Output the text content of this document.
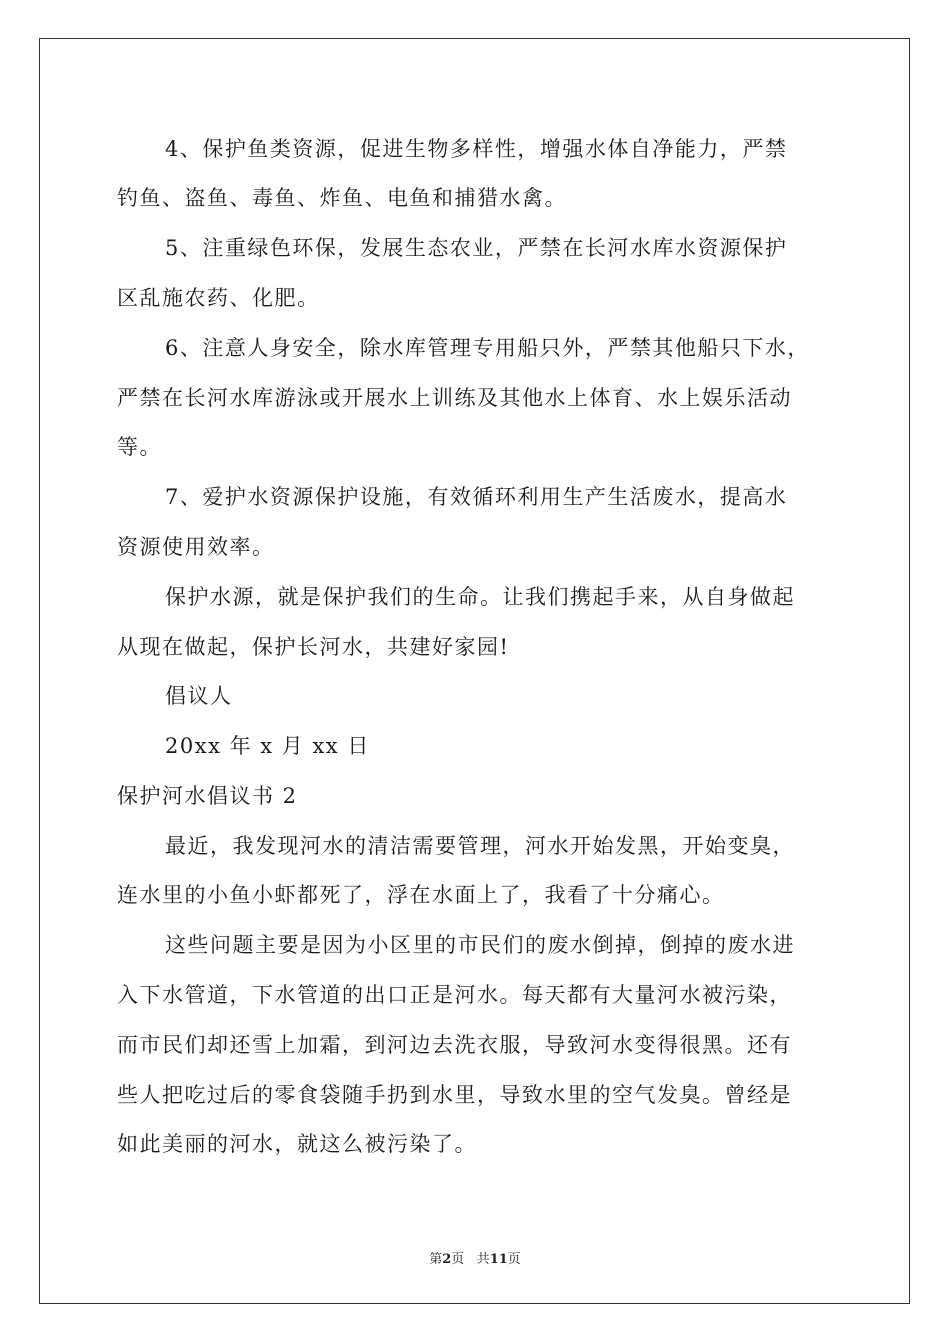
4、保护鱼类资源，促进生物多样性，增强水体自净能力，严禁

钓鱼、盗鱼、毒鱼、炸鱼、电鱼和捕猎水禽。

5、注重绿色环保，发展生态农业，严禁在长河水库水资源保护

区乱施农药、化肥。

6、注意人身安全，除水库管理专用船只外，严禁其他船只下水，

严禁在长河水库游泳或开展水上训练及其他水上体育、水上娱乐活动

等。

7、爱护水资源保护设施，有效循环利用生产生活废水，提高水

资源使用效率。

保护水源，就是保护我们的生命。让我们携起手来，从自身做起

从现在做起，保护长河水，共建好家园!

倡议人

20xx 年 x 月 xx 日

保护河水倡议书 2

最近，我发现河水的清洁需要管理，河水开始发黑，开始变臭，

连水里的小鱼小虾都死了，浮在水面上了，我看了十分痛心。

这些问题主要是因为小区里的市民们的废水倒掉，倒掉的废水进

入下水管道，下水管道的出口正是河水。每天都有大量河水被污染，

而市民们却还雪上加霜，到河边去洗衣服，导致河水变得很黑。还有

些人把吃过后的零食袋随手扔到水里，导致水里的空气发臭。曾经是

如此美丽的河水，就这么被污染了。

第2页 共11页
